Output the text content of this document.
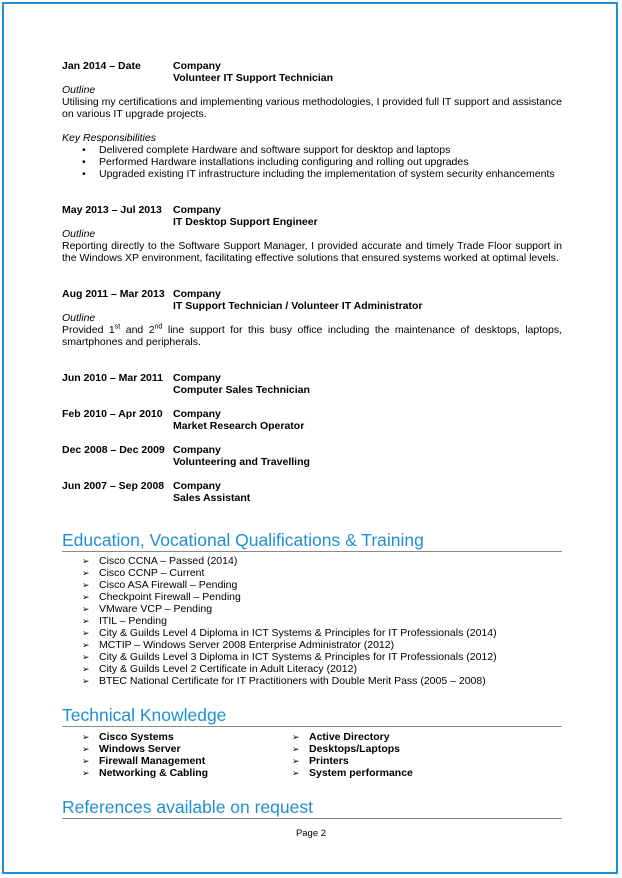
Jan 2014 – Date	Company
Volunteer IT Support Technician
Outline
Utilising my certifications and implementing various methodologies, I provided full IT support and assistance on various IT upgrade projects.
Key Responsibilities
• Delivered complete Hardware and software support for desktop and laptops
• Performed Hardware installations including configuring and rolling out upgrades
• Upgraded existing IT infrastructure including the implementation of system security enhancements
May 2013 – Jul 2013	Company
IT Desktop Support Engineer
Outline
Reporting directly to the Software Support Manager, I provided accurate and timely Trade Floor support in the Windows XP environment, facilitating effective solutions that ensured systems worked at optimal levels.
Aug 2011 – Mar 2013 Company
IT Support Technician / Volunteer IT Administrator
Outline
Provided 1st and 2nd line support for this busy office including the maintenance of desktops, laptops, smartphones and peripherals.
Jun 2010 – Mar 2011 Company
Computer Sales Technician
Feb 2010 – Apr 2010 Company
Market Research Operator
Dec 2008 – Dec 2009 Company
Volunteering and Travelling
Jun 2007 – Sep 2008 Company
Sales Assistant
Education, Vocational Qualifications & Training
➢ Cisco CCNA – Passed (2014)
➢ Cisco CCNP – Current
➢ Cisco ASA Firewall – Pending
➢ Checkpoint Firewall – Pending
➢ VMware VCP – Pending
➢ ITIL – Pending
➢ City & Guilds Level 4 Diploma in ICT Systems & Principles for IT Professionals (2014)
➢ MCTIP – Windows Server 2008 Enterprise Administrator (2012)
➢ City & Guilds Level 3 Diploma in ICT Systems & Principles for IT Professionals (2012)
➢ City & Guilds Level 2 Certificate in Adult Literacy (2012)
➢ BTEC National Certificate for IT Practitioners with Double Merit Pass (2005 – 2008)
Technical Knowledge
➢ Cisco Systems
➢ Windows Server
➢ Firewall Management
➢ Networking & Cabling
➢ Active Directory
➢ Desktops/Laptops
➢ Printers
➢ System performance
References available on request
Page 2
